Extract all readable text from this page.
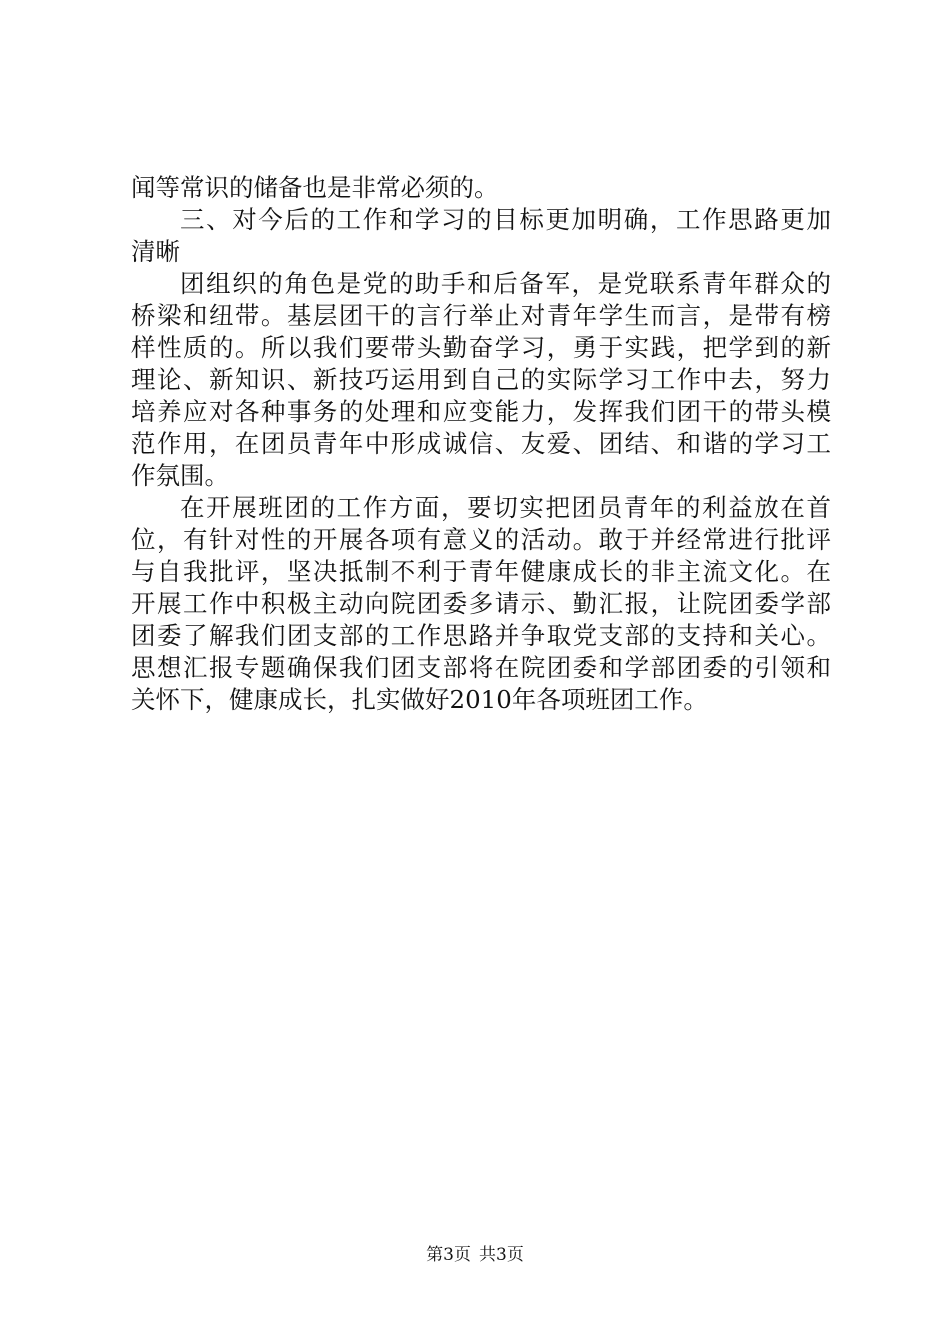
闻等常识的储备也是非常必须的。
三、对今后的工作和学习的目标更加明确，工作思路更加
清晰
团组织的角色是党的助手和后备军，是党联系青年群众的
桥梁和纽带。基层团干的言行举止对青年学生而言，是带有榜
样性质的。所以我们要带头勤奋学习，勇于实践，把学到的新
理论、新知识、新技巧运用到自己的实际学习工作中去，努力
培养应对各种事务的处理和应变能力，发挥我们团干的带头模
范作用，在团员青年中形成诚信、友爱、团结、和谐的学习工
作氛围。
在开展班团的工作方面，要切实把团员青年的利益放在首
位，有针对性的开展各项有意义的活动。敢于并经常进行批评
与自我批评，坚决抵制不利于青年健康成长的非主流文化。在
开展工作中积极主动向院团委多请示、勤汇报，让院团委学部
团委了解我们团支部的工作思路并争取党支部的支持和关心。
思想汇报专题确保我们团支部将在院团委和学部团委的引领和
关怀下，健康成长，扎实做好2010年各项班团工作。
第3页 共3页
